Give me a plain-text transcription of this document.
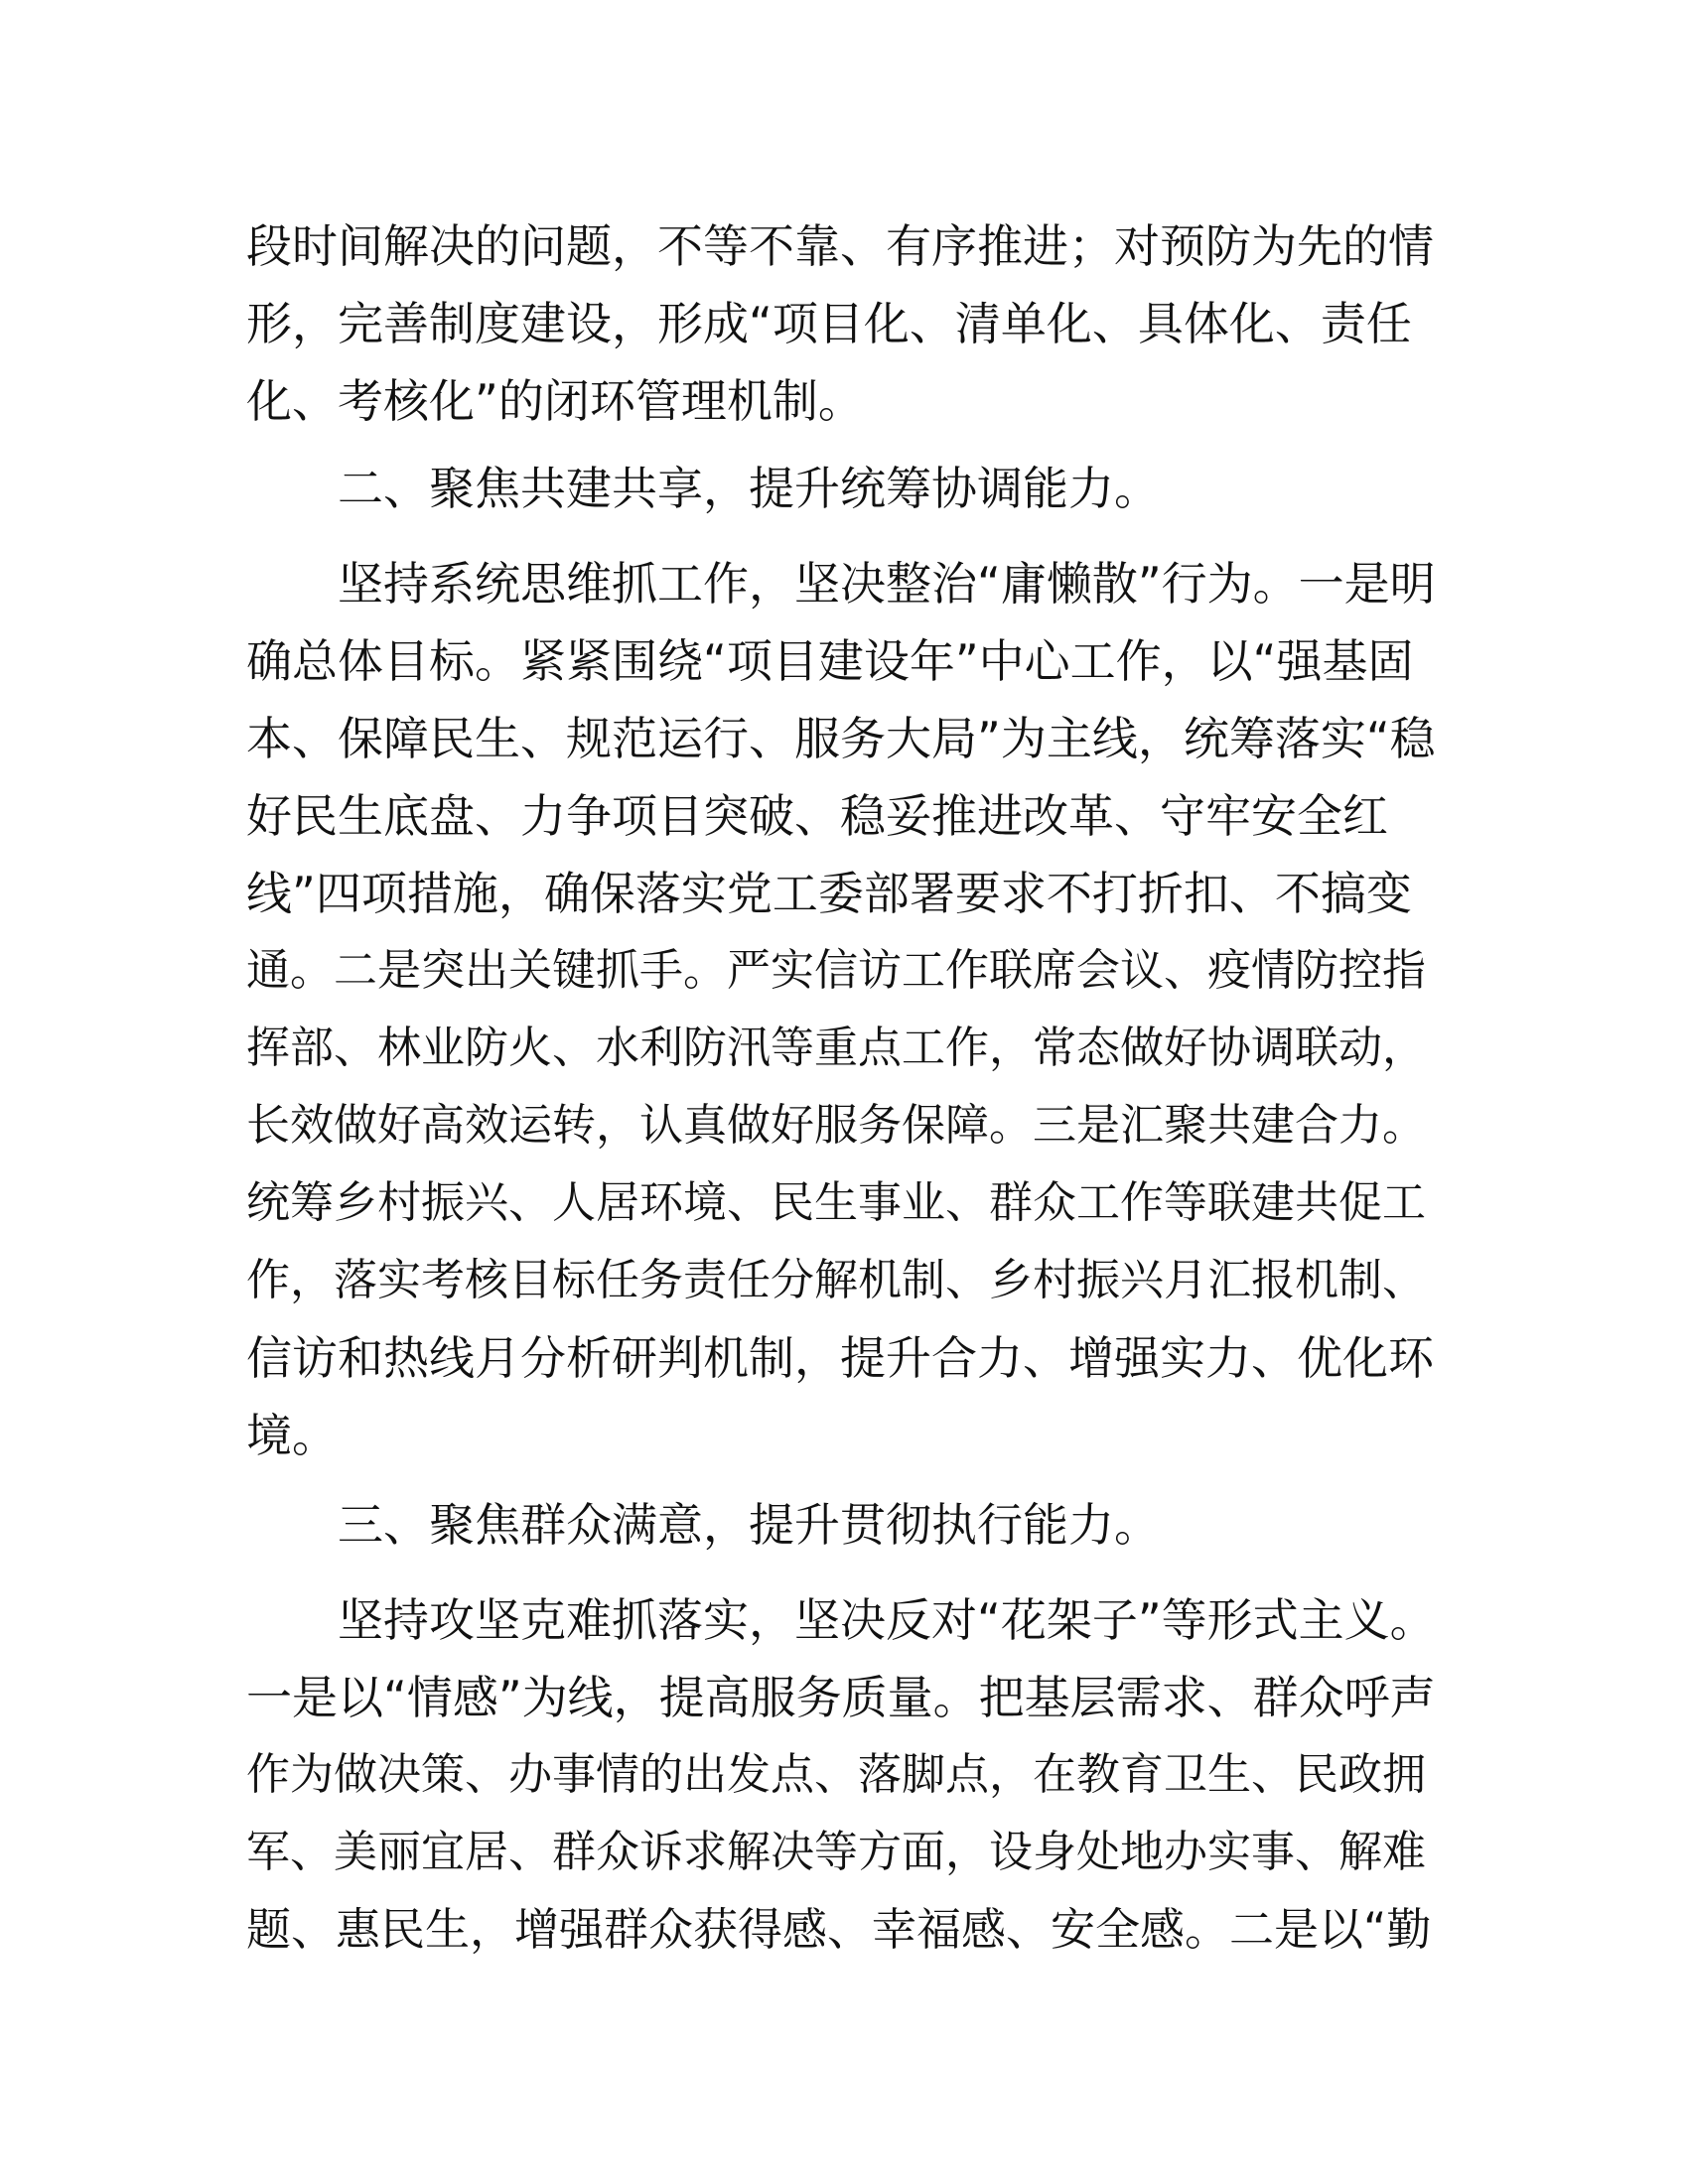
段时间解决的问题，不等不靠、有序推进；对预防为先的情

形，完善制度建设，形成“项目化、清单化、具体化、责任

化、考核化”的闭环管理机制。

二、聚焦共建共享，提升统筹协调能力。

坚持系统思维抓工作，坚决整治“庸懒散”行为。一是明

确总体目标。紧紧围绕“项目建设年”中心工作，以“强基固

本、保障民生、规范运行、服务大局”为主线，统筹落实“稳

好民生底盘、力争项目突破、稳妥推进改革、守牢安全红

线”四项措施，确保落实党工委部署要求不打折扣、不搞变

通。二是突出关键抓手。严实信访工作联席会议、疫情防控指

挥部、林业防火、水利防汛等重点工作，常态做好协调联动，

长效做好高效运转，认真做好服务保障。三是汇聚共建合力。

统筹乡村振兴、人居环境、民生事业、群众工作等联建共促工

作，落实考核目标任务责任分解机制、乡村振兴月汇报机制、

信访和热线月分析研判机制，提升合力、增强实力、优化环

境。

三、聚焦群众满意，提升贯彻执行能力。

坚持攻坚克难抓落实，坚决反对“花架子”等形式主义。

一是以“情感”为线，提高服务质量。把基层需求、群众呼声

作为做决策、办事情的出发点、落脚点，在教育卫生、民政拥

军、美丽宜居、群众诉求解决等方面，设身处地办实事、解难

题、惠民生，增强群众获得感、幸福感、安全感。二是以“勤
